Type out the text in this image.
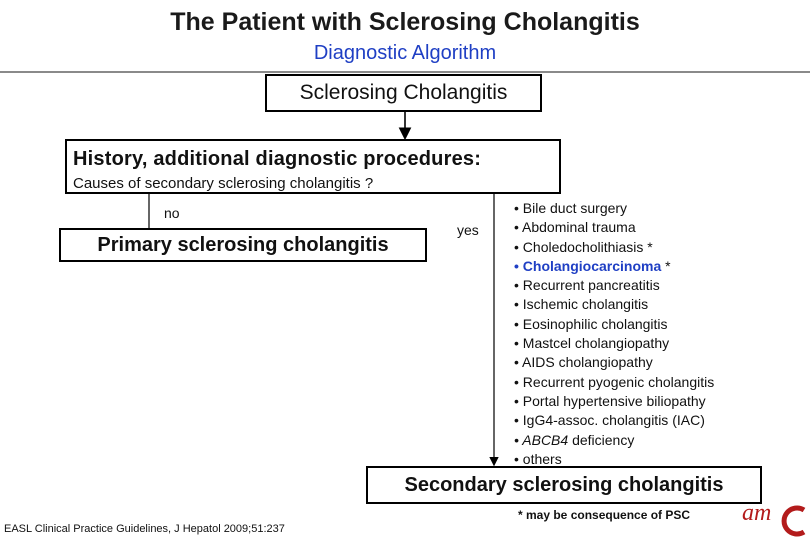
The Patient with Sclerosing Cholangitis
Diagnostic Algorithm
Sclerosing Cholangitis
History, additional diagnostic procedures:
Causes of secondary sclerosing cholangitis ?
Primary sclerosing cholangitis
Secondary sclerosing cholangitis
no
yes
• Bile duct surgery
• Abdominal trauma
• Choledocholithiasis *
• Cholangiocarcinoma *
• Recurrent pancreatitis
• Ischemic cholangitis
• Eosinophilic cholangitis
• Mastcel cholangiopathy
• AIDS cholangiopathy
• Recurrent pyogenic cholangitis
• Portal hypertensive biliopathy
• IgG4-assoc. cholangitis (IAC)
• ABCB4 deficiency
• others
* may be consequence of PSC
EASL Clinical Practice Guidelines, J Hepatol 2009;51:237
am
